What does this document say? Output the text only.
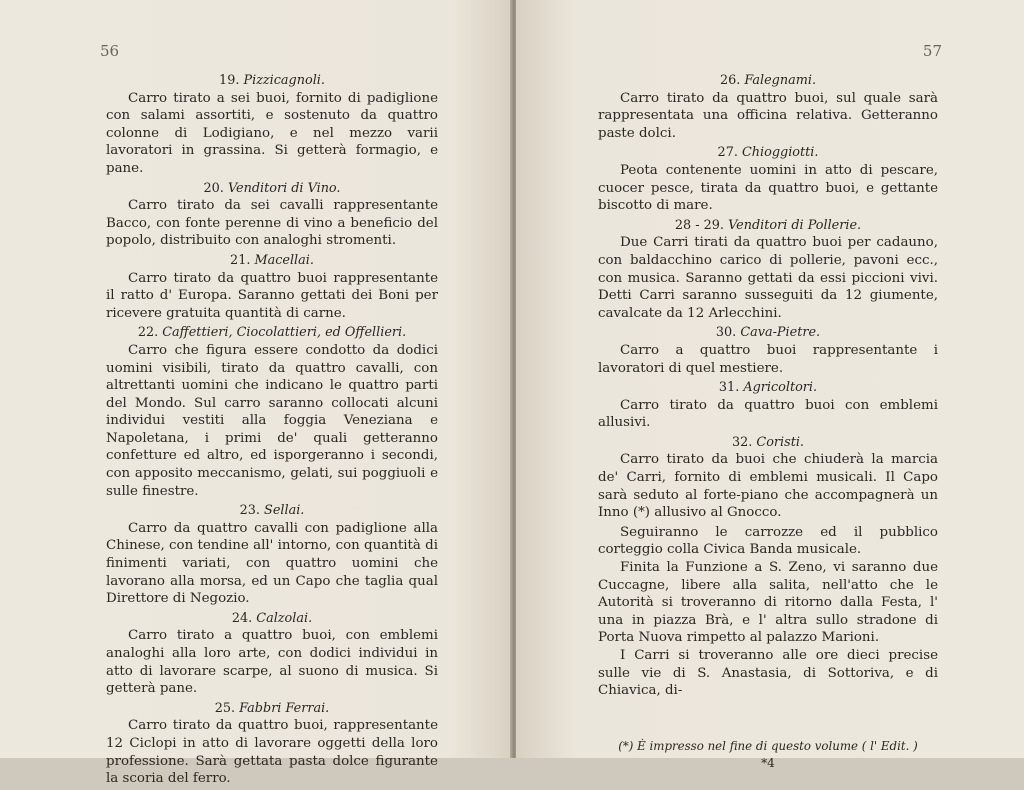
56
19. Pizzicagnoli.

Carro tirato a sei buoi, fornito di padiglione con salami assortiti, e sostenuto da quattro colonne di Lodigiano, e nel mezzo varii lavoratori in grassina. Si getterà formagio, e pane.

20. Venditori di Vino.

Carro tirato da sei cavalli rappresentante Bacco, con fonte perenne di vino a beneficio del popolo, distribuito con analoghi stromenti.

21. Macellai.

Carro tirato da quattro buoi rappresentante il ratto d' Europa. Saranno gettati dei Boni per ricevere gratuita quantità di carne.

22. Caffettieri, Ciocolattieri, ed Offellieri.

Carro che figura essere condotto da dodici uomini visibili, tirato da quattro cavalli, con altrettanti uomini che indicano le quattro parti del Mondo. Sul carro saranno collocati alcuni individui vestiti alla foggia Veneziana e Napoletana, i primi de' quali getteranno confetture ed altro, ed isporgeranno i secondi, con apposito meccanismo, gelati, sui poggiuoli e sulle finestre.

23. Sellai.

Carro da quattro cavalli con padiglione alla Chinese, con tendine all' intorno, con quantità di finimenti variati, con quattro uomini che lavorano alla morsa, ed un Capo che taglia qual Direttore di Negozio.

24. Calzolai.

Carro tirato a quattro buoi, con emblemi analoghi alla loro arte, con dodici individui in atto di lavorare scarpe, al suono di musica. Si getterà pane.

25. Fabbri Ferrai.

Carro tirato da quattro buoi, rappresentante 12 Ciclopi in atto di lavorare oggetti della loro professione. Sarà gettata pasta dolce figurante la scoria del ferro.

57
26. Falegnami.

Carro tirato da quattro buoi, sul quale sarà rappresentata una officina relativa. Getteranno paste dolci.

27. Chioggiotti.

Peota contenente uomini in atto di pescare, cuocer pesce, tirata da quattro buoi, e gettante biscotto di mare.

28 - 29. Venditori di Pollerie.

Due Carri tirati da quattro buoi per cadauno, con baldacchino carico di pollerie, pavoni ecc., con musica. Saranno gettati da essi piccioni vivi. Detti Carri saranno susseguiti da 12 giumente, cavalcate da 12 Arlecchini.

30. Cava-Pietre.

Carro a quattro buoi rappresentante i lavoratori di quel mestiere.

31. Agricoltori.

Carro tirato da quattro buoi con emblemi allusivi.

32. Coristi.

Carro tirato da buoi che chiuderà la marcia de' Carri, fornito di emblemi musicali. Il Capo sarà seduto al forte-piano che accompagnerà un Inno (*) allusivo al Gnocco.

Seguiranno le carrozze ed il pubblico corteggio colla Civica Banda musicale.

Finita la Funzione a S. Zeno, vi saranno due Cuccagne, libere alla salita, nell'atto che le Autorità si troveranno di ritorno dalla Festa, l' una in piazza Brà, e l' altra sullo stradone di Porta Nuova rimpetto al palazzo Marioni.

I Carri si troveranno alle ore dieci precise sulle vie di S. Anastasia, di Sottoriva, e di Chiavica, di-

(*) È impresso nel fine di questo volume ( l' Edit. )
*4
